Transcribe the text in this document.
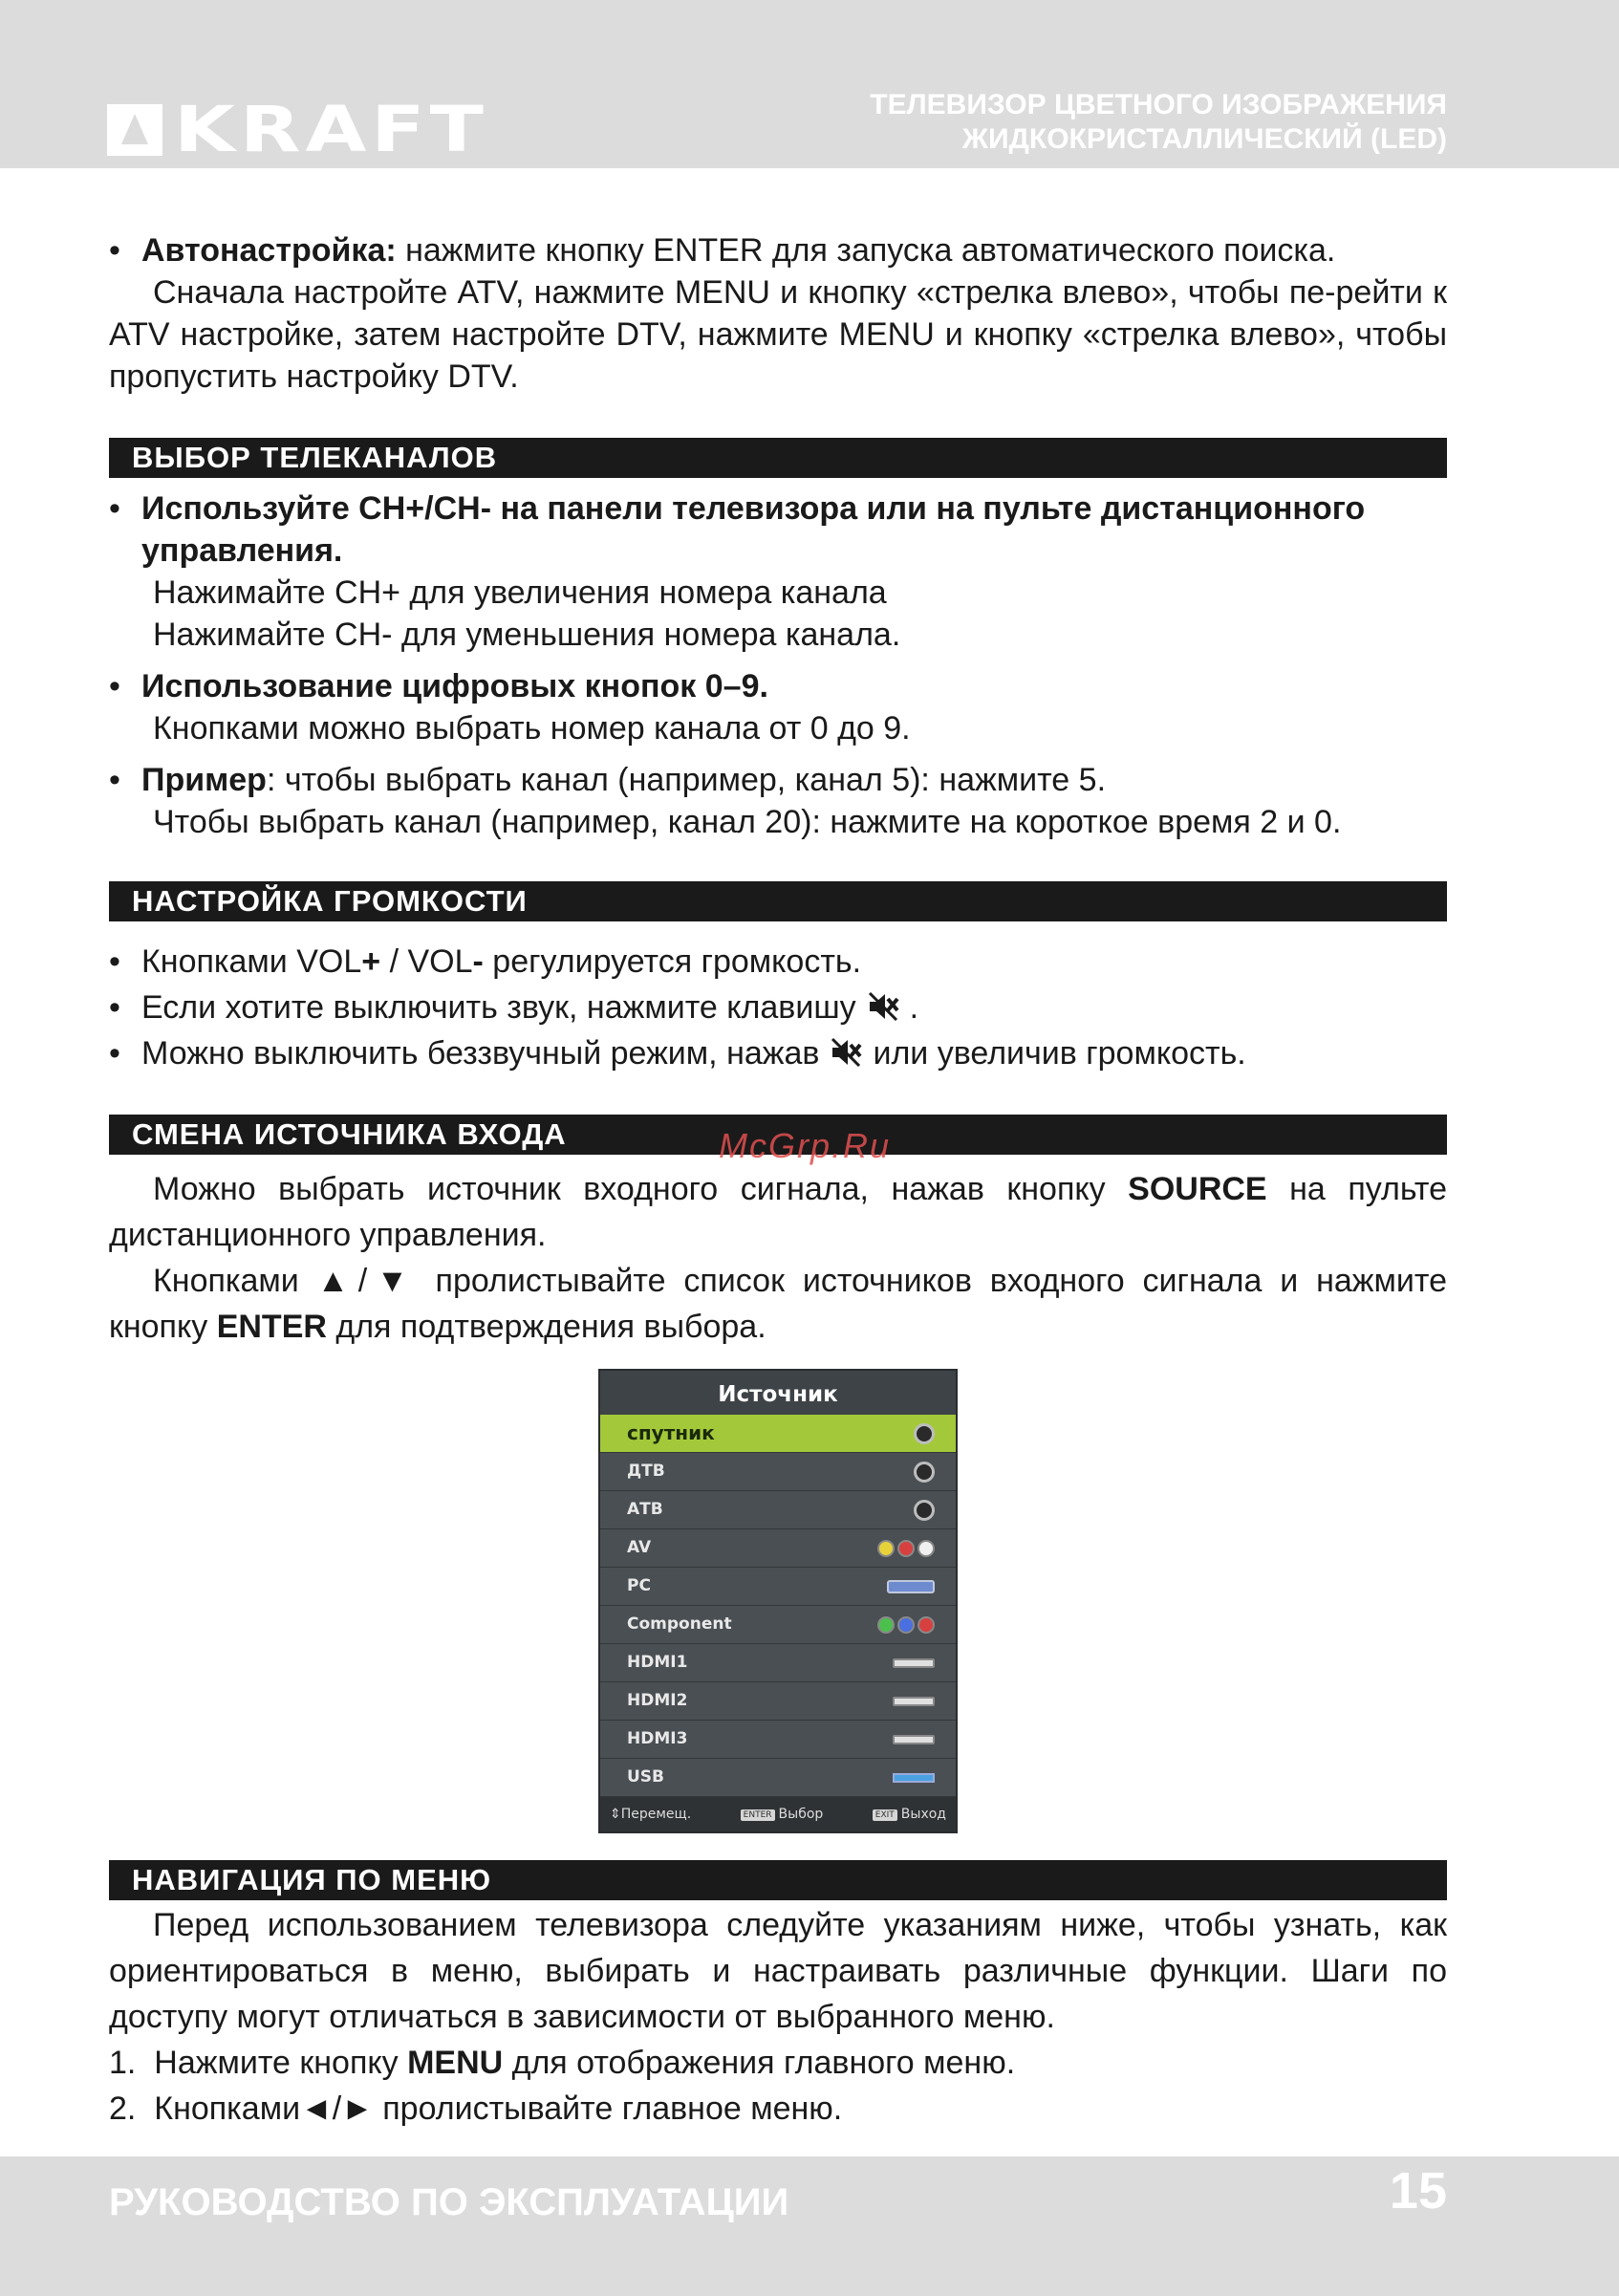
KRAFT	ТЕЛЕВИЗОР ЦВЕТНОГО ИЗОБРАЖЕНИЯ
ЖИДКОКРИСТАЛЛИЧЕСКИЙ (LED)

• Автонастройка: нажмите кнопку ENTER для запуска автоматического поиска.

Сначала настройте ATV, нажмите MENU и кнопку «стрелка влево», чтобы пе-рейти к ATV настройке, затем настройте DTV, нажмите MENU и кнопку «стрелка влево», чтобы пропустить настройку DTV.

ВЫБОР ТЕЛЕКАНАЛОВ

• Используйте CH+/CH- на панели телевизора или на пульте дистанционного управления.

Нажимайте CH+ для увеличения номера канала

Нажимайте CH- для уменьшения номера канала.

• Использование цифровых кнопок 0–9.

Кнопками можно выбрать номер канала от 0 до 9.

• Пример: чтобы выбрать канал (например, канал 5): нажмите 5.

Чтобы выбрать канал (например, канал 20): нажмите на короткое время 2 и 0.

НАСТРОЙКА ГРОМКОСТИ

• Кнопками VOL+ / VOL- регулируется громкость.

• Если хотите выключить звук, нажмите клавишу .

• Можно выключить беззвучный режим, нажав или увеличив громкость.

СМЕНА ИСТОЧНИКА ВХОДА	McGrp.Ru

Можно выбрать источник входного сигнала, нажав кнопку SOURCE на пульте дистанционного управления.

Кнопками ▲/▼ пролистывайте список источников входного сигнала и нажмите кнопку ENTER для подтверждения выбора.

Источник
спутник
ДТВ
АТВ
AV
PC
Component
HDMI1
HDMI2
HDMI3
USB
⇕Перемещ.	ENTER Выбор	EXIT Выход
НАВИГАЦИЯ ПО МЕНЮ

Перед использованием телевизора следуйте указаниям ниже, чтобы узнать, как ориентироваться в меню, выбирать и настраивать различные функции. Шаги по доступу могут отличаться в зависимости от выбранного меню.

1. Нажмите кнопку MENU для отображения главного меню.

2. Кнопками◄/► пролистывайте главное меню.

РУКОВОДСТВО ПО ЭКСПЛУАТАЦИИ	15
